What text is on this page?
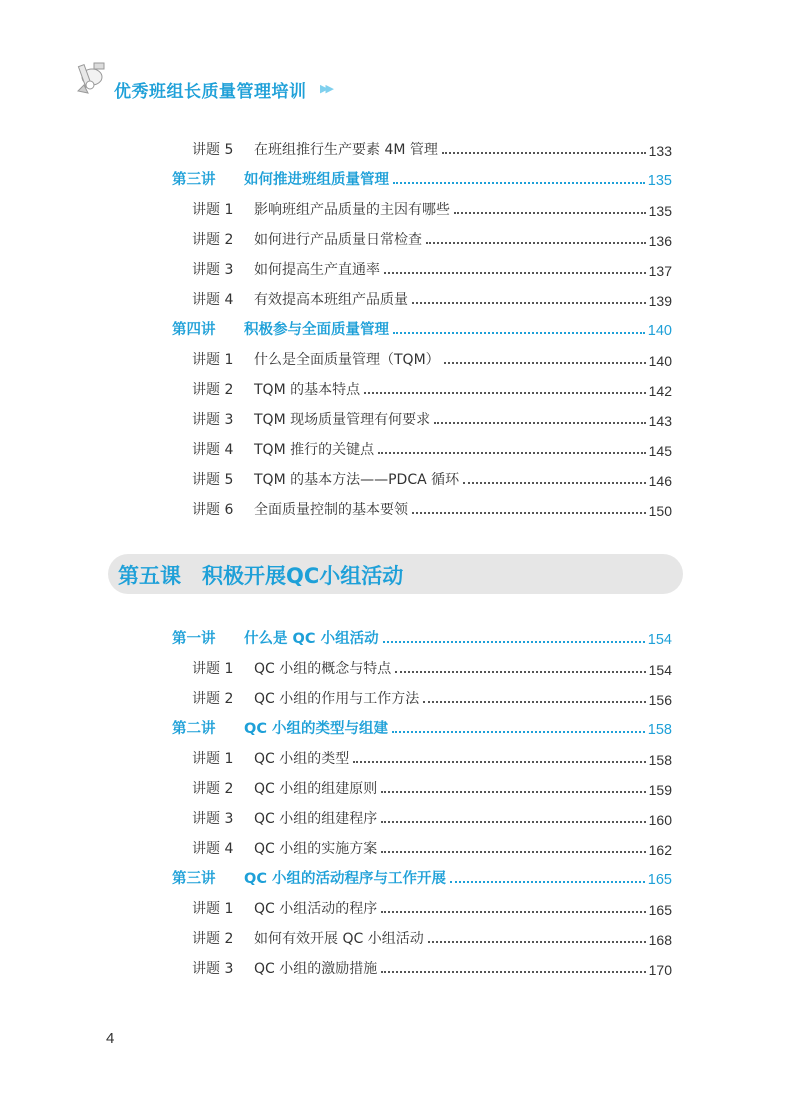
优秀班组长质量管理培训 ▶▶
讲题 5 在班组推行生产要素 4M 管理	133
第三讲 如何推进班组质量管理	135
讲题 1 影响班组产品质量的主因有哪些	135
讲题 2 如何进行产品质量日常检查	136
讲题 3 如何提高生产直通率	137
讲题 4 有效提高本班组产品质量	139
第四讲 积极参与全面质量管理	140
讲题 1 什么是全面质量管理（TQM）	140
讲题 2 TQM 的基本特点	142
讲题 3 TQM 现场质量管理有何要求	143
讲题 4 TQM 推行的关键点	145
讲题 5 TQM 的基本方法——PDCA 循环	146
讲题 6 全面质量控制的基本要领	150
第五课　积极开展QC小组活动
第一讲 什么是 QC 小组活动	154
讲题 1 QC 小组的概念与特点	154
讲题 2 QC 小组的作用与工作方法	156
第二讲 QC 小组的类型与组建	158
讲题 1 QC 小组的类型	158
讲题 2 QC 小组的组建原则	159
讲题 3 QC 小组的组建程序	160
讲题 4 QC 小组的实施方案	162
第三讲 QC 小组的活动程序与工作开展	165
讲题 1 QC 小组活动的程序	165
讲题 2 如何有效开展 QC 小组活动	168
讲题 3 QC 小组的激励措施	170
4
